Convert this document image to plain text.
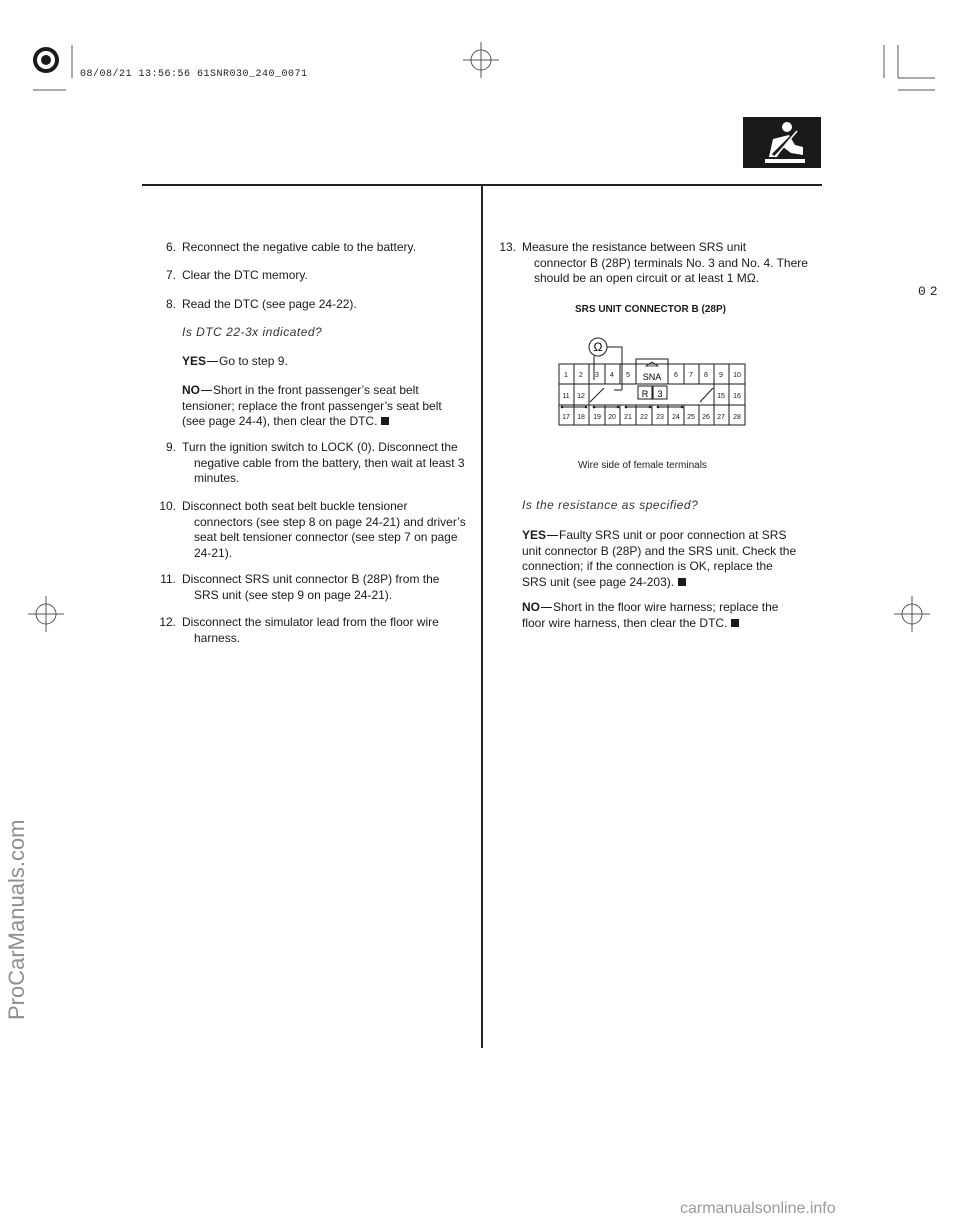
08/08/21 13:56:56 61SNR030_240_0071
02
6. Reconnect the negative cable to the battery.
7. Clear the DTC memory.
8. Read the DTC (see page 24-22).
Is DTC 22-3x indicated?
YES Go to step 9.
NO Short in the front passenger’s seat belt
tensioner; replace the front passenger’s seat belt
(see page 24-4), then clear the DTC.
9. Turn the ignition switch to LOCK (0). Disconnect the
negative cable from the battery, then wait at least 3
minutes.
10. Disconnect both seat belt buckle tensioner
connectors (see step 8 on page 24-21) and driver’s
seat belt tensioner connector (see step 7 on page
24-21).
11. Disconnect SRS unit connector B (28P) from the
SRS unit (see step 9 on page 24-21).
12. Disconnect the simulator lead from the floor wire
harness.
13. Measure the resistance between SRS unit
connector B (28P) terminals No. 3 and No. 4. There
should be an open circuit or at least 1 MΩ.
SRS UNIT CONNECTOR B (28P)
Ω
SNA
R 3
1 2 3 4 5	6 7 8 9 10
11 12	15 16
17 18 19 20 21 22 23 24 25 26 27 28
Wire side of female terminals
Is the resistance as specified?
YES Faulty SRS unit or poor connection at SRS
unit connector B (28P) and the SRS unit. Check the
connection; if the connection is OK, replace the
SRS unit (see page 24-203).
NO Short in the floor wire harness; replace the
floor wire harness, then clear the DTC.
ProCarManuals.com
carmanualsonline.info
